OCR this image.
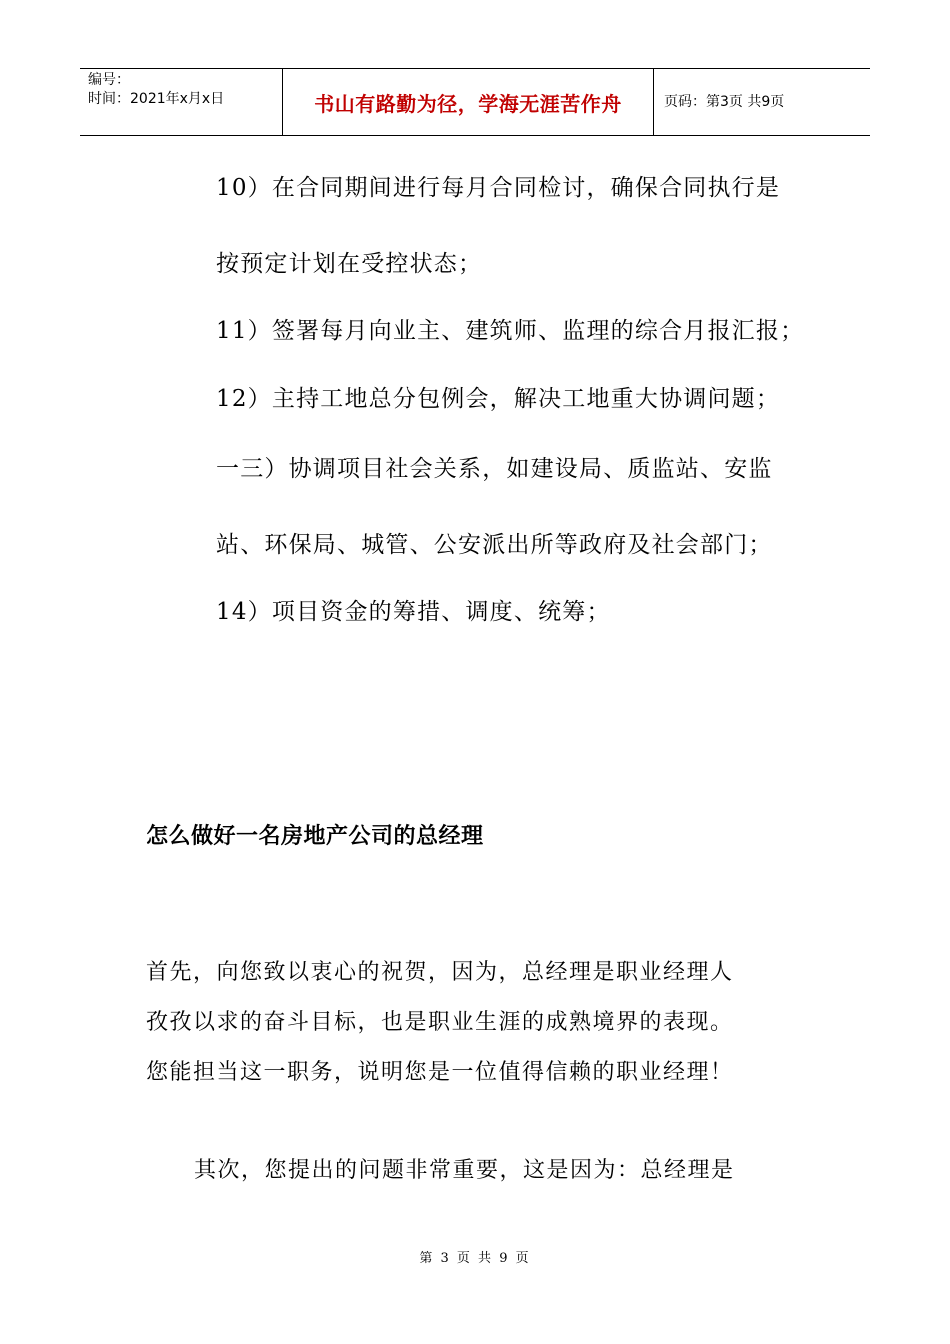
编号：
时间：2021年x月x日	书山有路勤为径，学海无涯苦作舟	页码：第3页 共9页
10）在合同期间进行每月合同检讨，确保合同执行是
按预定计划在受控状态；
11）签署每月向业主、建筑师、监理的综合月报汇报；
12）主持工地总分包例会，解决工地重大协调问题；
一三）协调项目社会关系，如建设局、质监站、安监
站、环保局、城管、公安派出所等政府及社会部门；
14）项目资金的筹措、调度、统筹；
怎么做好一名房地产公司的总经理
首先，向您致以衷心的祝贺，因为，总经理是职业经理人
孜孜以求的奋斗目标，也是职业生涯的成熟境界的表现。
您能担当这一职务，说明您是一位值得信赖的职业经理！
其次，您提出的问题非常重要，这是因为：总经理是
第 3 页 共 9 页
